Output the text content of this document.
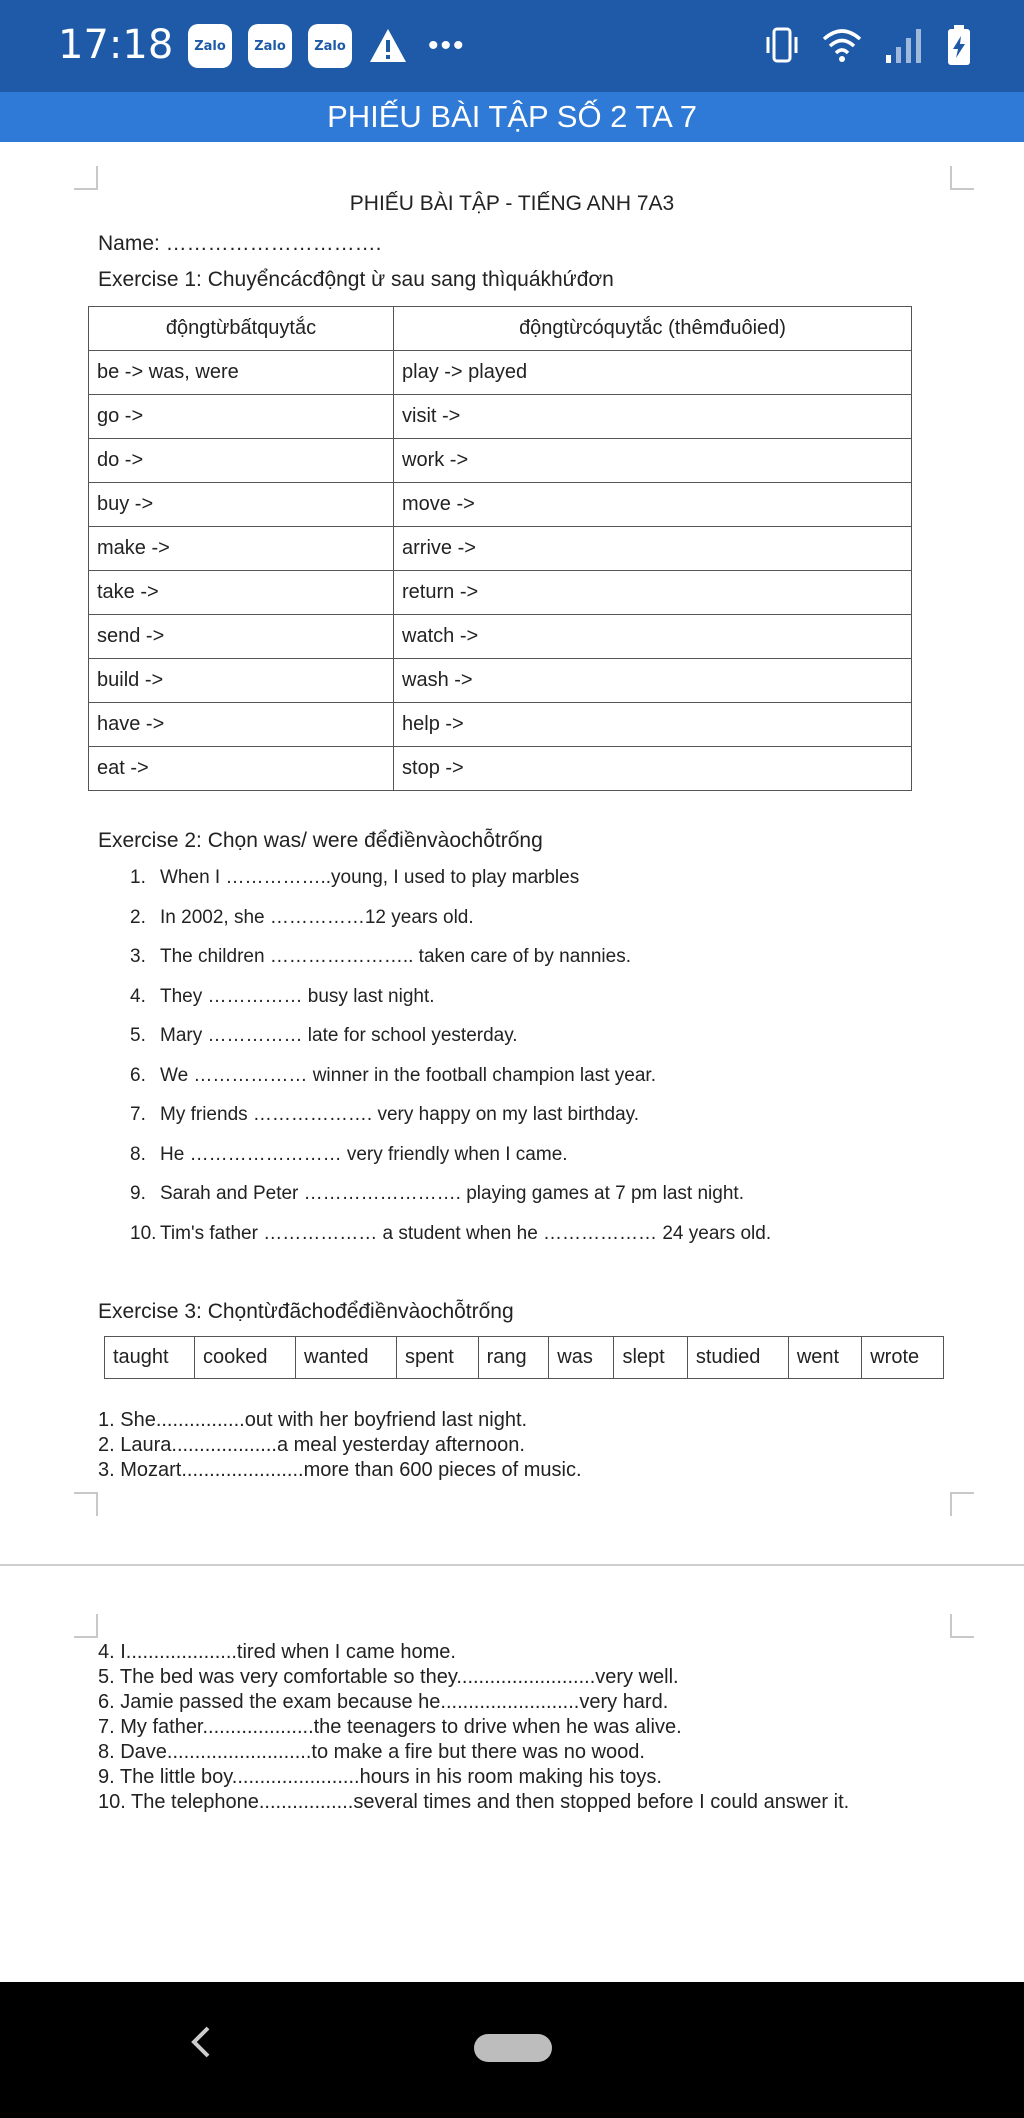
17:18	Zalo	Zalo	Zalo	•••
PHIẾU BÀI TẬP SỐ 2 TA 7
PHIẾU BÀI TẬP - TIẾNG ANH 7A3
Name: ………………………….
Exercise 1: Chuyểncácđộngt ừ sau sang thìquákhứđơn
độngtừbấtquytắc	độngtừcóquytắc (thêmđuôied)
be -> was, were	play -> played
go ->	visit ->
do ->	work ->
buy ->	move ->
make ->	arrive ->
take ->	return ->
send ->	watch ->
build ->	wash ->
have ->	help ->
eat ->	stop ->
Exercise 2: Chọn was/ were đểđiềnvàochỗtrống
1. When I ……………..young, I used to play marbles
2. In 2002, she ……………12 years old.
3. The children ………………….. taken care of by nannies.
4. They …………… busy last night.
5. Mary …………… late for school yesterday.
6. We ……………… winner in the football champion last year.
7. My friends ………………. very happy on my last birthday.
8. He …………………… very friendly when I came.
9. Sarah and Peter ……………………. playing games at 7 pm last night.
10. Tim's father ……………… a student when he ……………… 24 years old.
Exercise 3: Chọntừđãchođểđiềnvàochỗtrống
taught	cooked	wanted	spent	rang	was	slept	studied	went	wrote
1. She................out with her boyfriend last night.
2. Laura...................a meal yesterday afternoon.
3. Mozart......................more than 600 pieces of music.
4. I....................tired when I came home.
5. The bed was very comfortable so they.........................very well.
6. Jamie passed the exam because he.........................very hard.
7. My father....................the teenagers to drive when he was alive.
8. Dave..........................to make a fire but there was no wood.
9. The little boy.......................hours in his room making his toys.
10. The telephone.................several times and then stopped before I could answer it.
